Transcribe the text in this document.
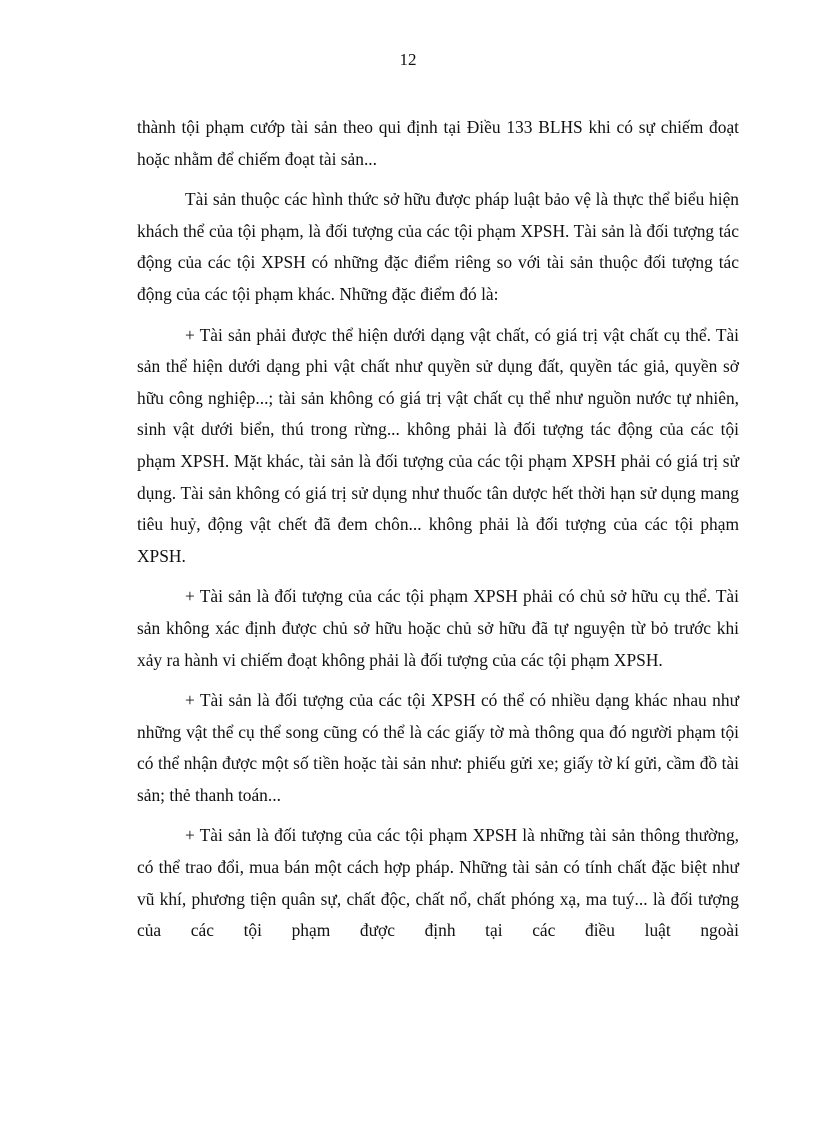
12

thành tội phạm cướp tài sản theo qui định tại Điều 133 BLHS khi có sự chiếm đoạt hoặc nhằm để chiếm đoạt tài sản...

Tài sản thuộc các hình thức sở hữu được pháp luật bảo vệ là thực thể biểu hiện khách thể của tội phạm, là đối tượng của các tội phạm XPSH. Tài sản là đối tượng tác động của các tội XPSH có những đặc điểm riêng so với tài sản thuộc đối tượng tác động của các tội phạm khác. Những đặc điểm đó là:

+ Tài sản phải được thể hiện dưới dạng vật chất, có giá trị vật chất cụ thể. Tài sản thể hiện dưới dạng phi vật chất như quyền sử dụng đất, quyền tác giả, quyền sở hữu công nghiệp...; tài sản không có giá trị vật chất cụ thể như nguồn nước tự nhiên, sinh vật dưới biển, thú trong rừng... không phải là đối tượng tác động của các tội phạm XPSH. Mặt khác, tài sản là đối tượng của các tội phạm XPSH phải có giá trị sử dụng. Tài sản không có giá trị sử dụng như thuốc tân dược hết thời hạn sử dụng mang tiêu huỷ, động vật chết đã đem chôn... không phải là đối tượng của các tội phạm XPSH.

+ Tài sản là đối tượng của các tội phạm XPSH phải có chủ sở hữu cụ thể. Tài sản không xác định được chủ sở hữu hoặc chủ sở hữu đã tự nguyện từ bỏ trước khi xảy ra hành vi chiếm đoạt không phải là đối tượng của các tội phạm XPSH.

+ Tài sản là đối tượng của các tội XPSH có thể có nhiều dạng khác nhau như những vật thể cụ thể song cũng có thể là các giấy tờ mà thông qua đó người phạm tội có thể nhận được một số tiền hoặc tài sản như: phiếu gửi xe; giấy tờ kí gửi, cầm đồ tài sản; thẻ thanh toán...

+ Tài sản là đối tượng của các tội phạm XPSH là những tài sản thông thường, có thể trao đổi, mua bán một cách hợp pháp. Những tài sản có tính chất đặc biệt như vũ khí, phương tiện quân sự, chất độc, chất nổ, chất phóng xạ, ma tuý... là đối tượng của các tội phạm được định tại các điều luật ngoài
